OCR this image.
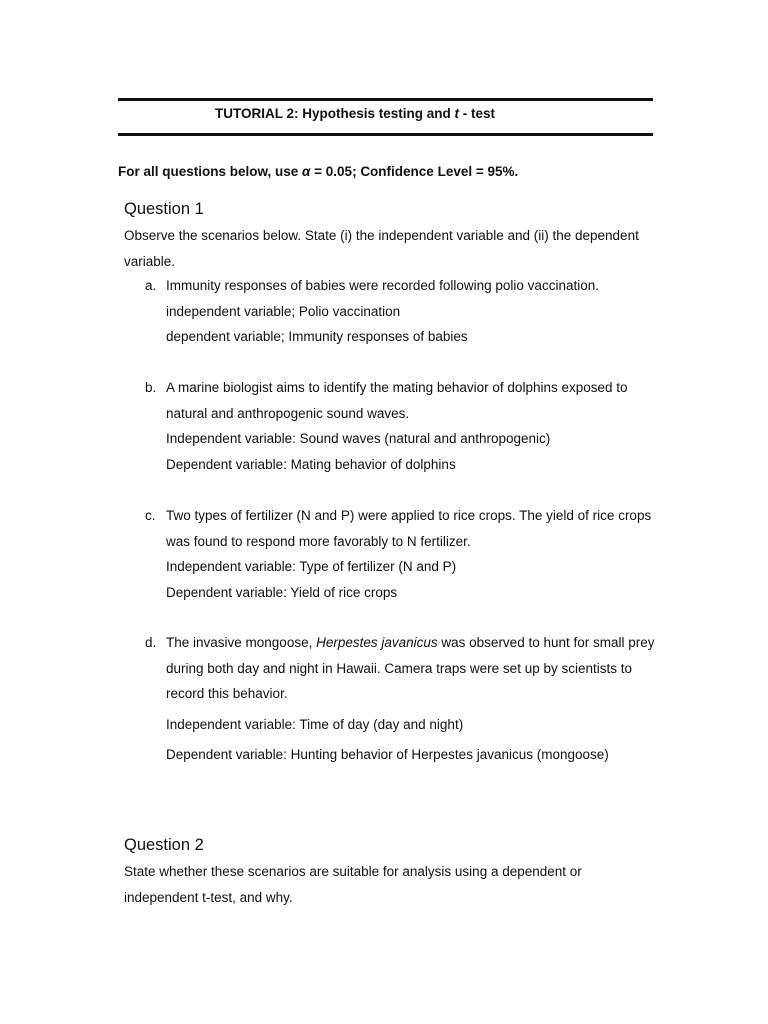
TUTORIAL 2: Hypothesis testing and t - test
For all questions below, use α = 0.05; Confidence Level = 95%.
Question 1
Observe the scenarios below. State (i) the independent variable and (ii) the dependent variable.
a. Immunity responses of babies were recorded following polio vaccination.
independent variable; Polio vaccination
dependent variable; Immunity responses of babies
b. A marine biologist aims to identify the mating behavior of dolphins exposed to natural and anthropogenic sound waves.
Independent variable: Sound waves (natural and anthropogenic)
Dependent variable: Mating behavior of dolphins
c. Two types of fertilizer (N and P) were applied to rice crops. The yield of rice crops was found to respond more favorably to N fertilizer.
Independent variable: Type of fertilizer (N and P)
Dependent variable: Yield of rice crops
d. The invasive mongoose, Herpestes javanicus was observed to hunt for small prey during both day and night in Hawaii. Camera traps were set up by scientists to record this behavior.
Independent variable: Time of day (day and night)
Dependent variable: Hunting behavior of Herpestes javanicus (mongoose)
Question 2
State whether these scenarios are suitable for analysis using a dependent or independent t-test, and why.
